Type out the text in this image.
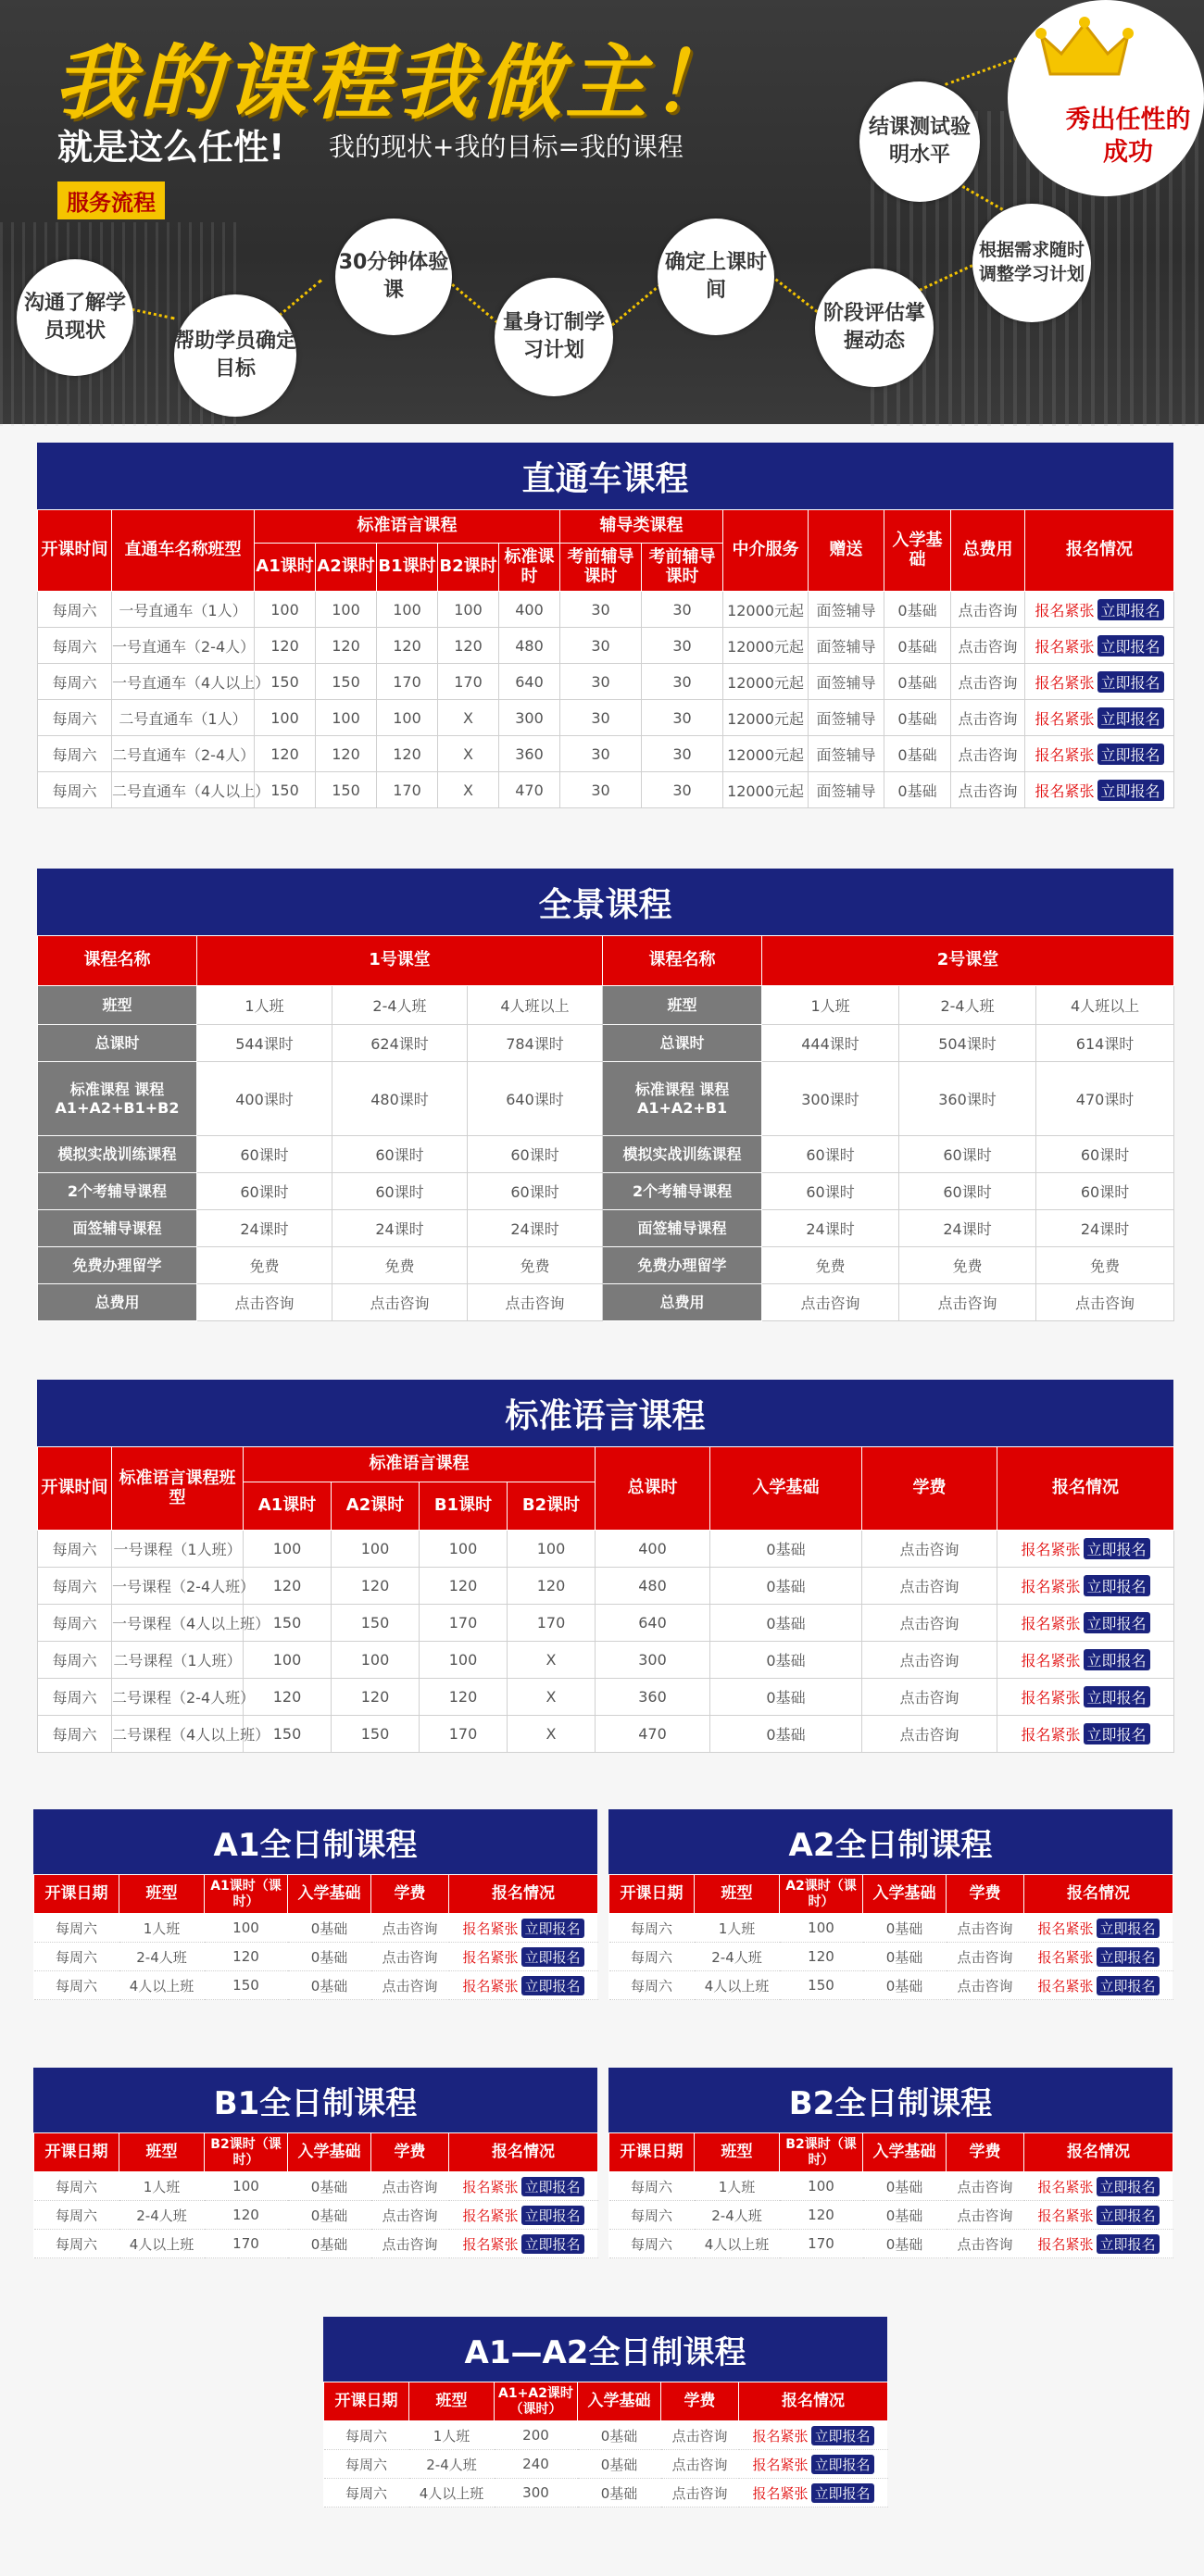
我的课程我做主！
就是这么任性! 我的现状+我的目标=我的课程
服务流程
沟通了解学员现状	帮助学员确定目标
30分钟体验课
量身订制学习计划
确定上课时间
阶段评估掌握动态
结课测试验明水平
根据需求随时调整学习计划
秀出任性的成功
直通车课程
开课时间	直通车名称班型	标准语言课程					辅导类课程		中介服务	赠送	入学基础	总费用	报名情况
		A1课时	A2课时	B1课时	B2课时	标准课时	考前辅导课时	考前辅导课时					
每周六	一号直通车（1人）	100	100	100	100	400	30	30	12000元起	面签辅导	0基础	点击咨询	报名紧张 立即报名
每周六	一号直通车（2-4人）	120	120	120	120	480	30	30	12000元起	面签辅导	0基础	点击咨询	报名紧张 立即报名
每周六	一号直通车（4人以上）	150	150	170	170	640	30	30	12000元起	面签辅导	0基础	点击咨询	报名紧张 立即报名
每周六	二号直通车（1人）	100	100	100	X	300	30	30	12000元起	面签辅导	0基础	点击咨询	报名紧张 立即报名
每周六	二号直通车（2-4人）	120	120	120	X	360	30	30	12000元起	面签辅导	0基础	点击咨询	报名紧张 立即报名
每周六	二号直通车（4人以上）	150	150	170	X	470	30	30	12000元起	面签辅导	0基础	点击咨询	报名紧张 立即报名
全景课程
课程名称	1号课堂			课程名称	2号课堂		
班型	1人班	2-4人班	4人班以上	班型	1人班	2-4人班	4人班以上
总课时	544课时	624课时	784课时	总课时	444课时	504课时	614课时
标准课程 课程 A1+A2+B1+B2	400课时	480课时	640课时	标准课程 课程 A1+A2+B1	300课时	360课时	470课时
模拟实战训练课程	60课时	60课时	60课时	模拟实战训练课程	60课时	60课时	60课时
2个考辅导课程	60课时	60课时	60课时	2个考辅导课程	60课时	60课时	60课时
面签辅导课程	24课时	24课时	24课时	面签辅导课程	24课时	24课时	24课时
免费办理留学	免费	免费	免费	免费办理留学	免费	免费	免费
总费用	点击咨询	点击咨询	点击咨询	总费用	点击咨询	点击咨询	点击咨询
标准语言课程
开课时间	标准语言课程班型	标准语言课程				总课时	入学基础	学费	报名情况
		A1课时	A2课时	B1课时	B2课时				
每周六	一号课程（1人班）	100	100	100	100	400	0基础	点击咨询	报名紧张 立即报名
每周六	一号课程（2-4人班）	120	120	120	120	480	0基础	点击咨询	报名紧张 立即报名
每周六	一号课程（4人以上班）	150	150	170	170	640	0基础	点击咨询	报名紧张 立即报名
每周六	二号课程（1人班）	100	100	100	X	300	0基础	点击咨询	报名紧张 立即报名
每周六	二号课程（2-4人班）	120	120	120	X	360	0基础	点击咨询	报名紧张 立即报名
每周六	二号课程（4人以上班）	150	150	170	X	470	0基础	点击咨询	报名紧张 立即报名
A1全日制课程
开课日期	班型	A1课时（课时）	入学基础	学费	报名情况
每周六	1人班	100	0基础	点击咨询	报名紧张 立即报名
每周六	2-4人班	120	0基础	点击咨询	报名紧张 立即报名
每周六	4人以上班	150	0基础	点击咨询	报名紧张 立即报名
A2全日制课程
开课日期	班型	A2课时（课时）	入学基础	学费	报名情况
每周六	1人班	100	0基础	点击咨询	报名紧张 立即报名
每周六	2-4人班	120	0基础	点击咨询	报名紧张 立即报名
每周六	4人以上班	150	0基础	点击咨询	报名紧张 立即报名
B1全日制课程
开课日期	班型	B2课时（课时）	入学基础	学费	报名情况
每周六	1人班	100	0基础	点击咨询	报名紧张 立即报名
每周六	2-4人班	120	0基础	点击咨询	报名紧张 立即报名
每周六	4人以上班	170	0基础	点击咨询	报名紧张 立即报名
B2全日制课程
开课日期	班型	B2课时（课时）	入学基础	学费	报名情况
每周六	1人班	100	0基础	点击咨询	报名紧张 立即报名
每周六	2-4人班	120	0基础	点击咨询	报名紧张 立即报名
每周六	4人以上班	170	0基础	点击咨询	报名紧张 立即报名
A1—A2全日制课程
开课日期	班型	A1+A2课时（课时）	入学基础	学费	报名情况
每周六	1人班	200	0基础	点击咨询	报名紧张 立即报名
每周六	2-4人班	240	0基础	点击咨询	报名紧张 立即报名
每周六	4人以上班	300	0基础	点击咨询	报名紧张 立即报名
